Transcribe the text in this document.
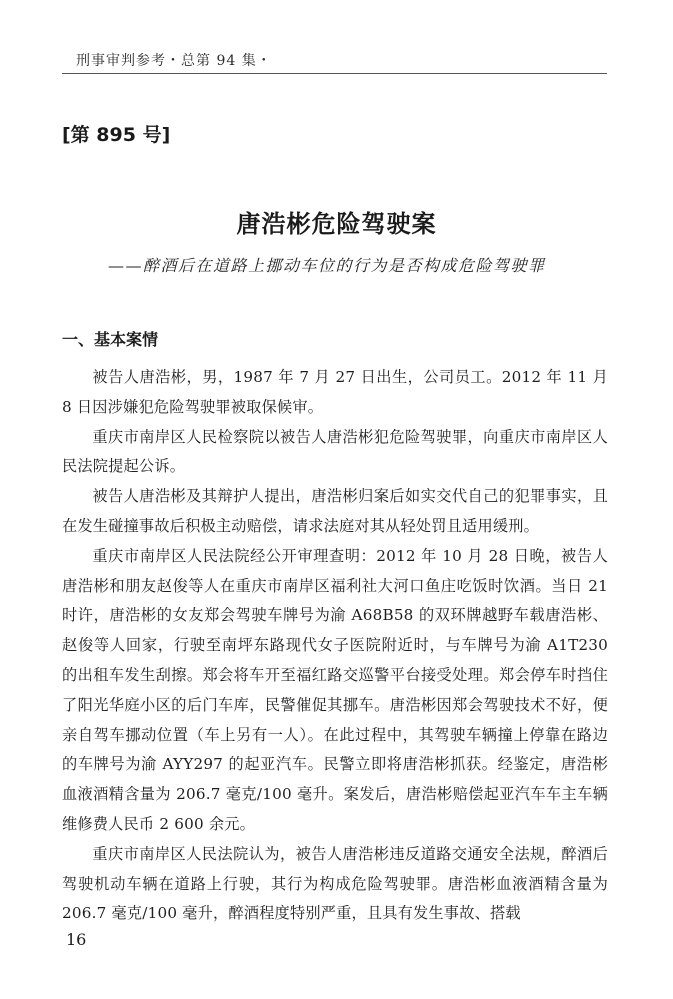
刑事审判参考・总第 94 集・
[第 895 号]
唐浩彬危险驾驶案
——醉酒后在道路上挪动车位的行为是否构成危险驾驶罪
一、基本案情

被告人唐浩彬，男，1987 年 7 月 27 日出生，公司员工。2012 年 11 月 8 日因涉嫌犯危险驾驶罪被取保候审。

重庆市南岸区人民检察院以被告人唐浩彬犯危险驾驶罪，向重庆市南岸区人民法院提起公诉。

被告人唐浩彬及其辩护人提出，唐浩彬归案后如实交代自己的犯罪事实，且在发生碰撞事故后积极主动赔偿，请求法庭对其从轻处罚且适用缓刑。

重庆市南岸区人民法院经公开审理查明：2012 年 10 月 28 日晚，被告人唐浩彬和朋友赵俊等人在重庆市南岸区福利社大河口鱼庄吃饭时饮酒。当日 21 时许，唐浩彬的女友郑会驾驶车牌号为渝 A68B58 的双环牌越野车载唐浩彬、赵俊等人回家，行驶至南坪东路现代女子医院附近时，与车牌号为渝 A1T230 的出租车发生刮擦。郑会将车开至福红路交巡警平台接受处理。郑会停车时挡住了阳光华庭小区的后门车库，民警催促其挪车。唐浩彬因郑会驾驶技术不好，便亲自驾车挪动位置（车上另有一人）。在此过程中，其驾驶车辆撞上停靠在路边的车牌号为渝 AYY297 的起亚汽车。民警立即将唐浩彬抓获。经鉴定，唐浩彬血液酒精含量为 206.7 毫克/100 毫升。案发后，唐浩彬赔偿起亚汽车车主车辆维修费人民币 2 600 余元。

重庆市南岸区人民法院认为，被告人唐浩彬违反道路交通安全法规，醉酒后驾驶机动车辆在道路上行驶，其行为构成危险驾驶罪。唐浩彬血液酒精含量为 206.7 毫克/100 毫升，醉酒程度特别严重，且具有发生事故、搭载

16
